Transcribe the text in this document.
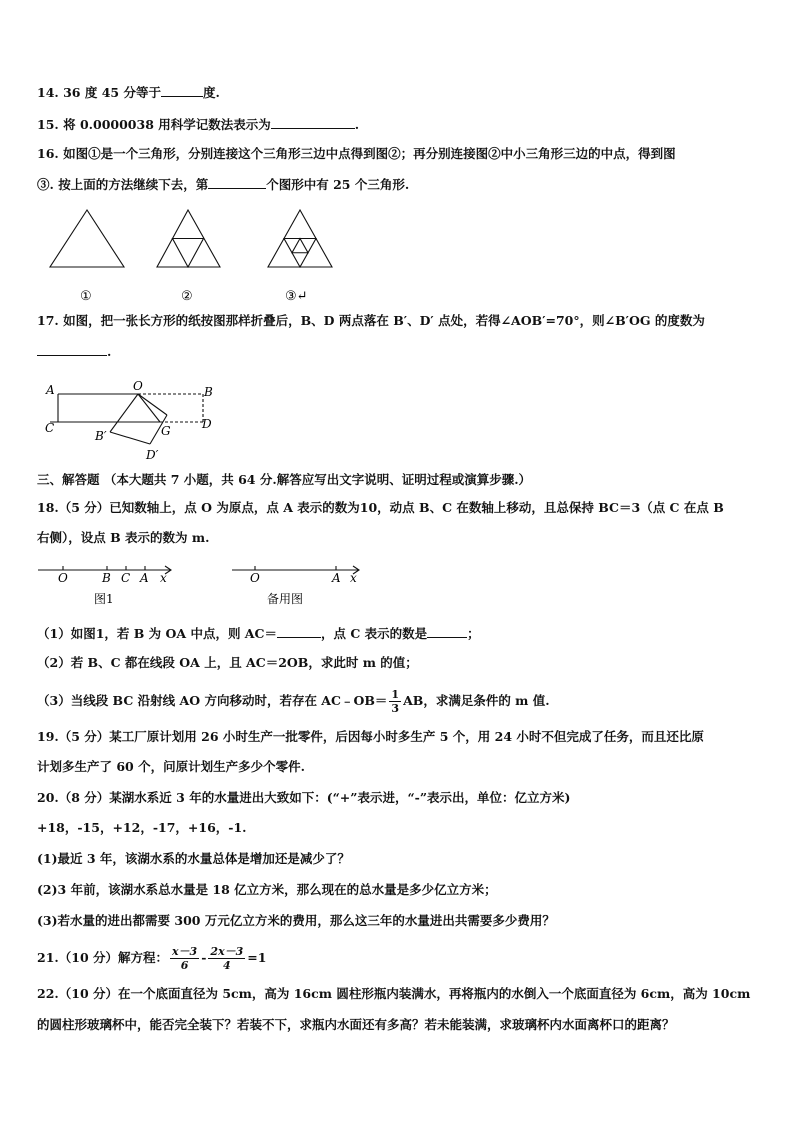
14. 36 度 45 分等于	度.
15. 将 0.0000038 用科学记数法表示为	.
16. 如图①是一个三角形，分别连接这个三角形三边中点得到图②；再分别连接图②中小三角形三边的中点，得到图
③. 按上面的方法继续下去，第	个图形中有 25 个三角形.
①	②	③↵
17. 如图，把一张长方形的纸按图那样折叠后，B、D 两点落在 B′、D′ 点处，若得∠AOB′=70°，则∠B′OG 的度数为
.
A	O	B
C	G	D
B′
D′
三、解答题 （本大题共 7 小题，共 64 分.解答应写出文字说明、证明过程或演算步骤.）
18.（5 分）已知数轴上，点 O 为原点，点 A 表示的数为10，动点 B、C 在数轴上移动，且总保持 BC＝3（点 C 在点 B
右侧），设点 B 表示的数为 m.
O	B C A x	O	A x
图1	备用图
（1）如图1，若 B 为 OA 中点，则 AC＝	，点 C 表示的数是	；
（2）若 B、C 都在线段 OA 上，且 AC＝2OB，求此时 m 的值；
（3）当线段 BC 沿射线 AO 方向移动时，若存在 AC﹣OB＝ $\frac{1}{3}$ AB，求满足条件的 m 值.
19.（5 分）某工厂原计划用 26 小时生产一批零件，后因每小时多生产 5 个，用 24 小时不但完成了任务，而且还比原
计划多生产了 60 个，问原计划生产多少个零件.
20.（8 分）某湖水系近 3 年的水量进出大致如下：(“+”表示进，“-”表示出，单位：亿立方米)
+18，-15，+12，-17，+16，-1.
(1)最近 3 年，该湖水系的水量总体是增加还是减少了？
(2)3 年前，该湖水系总水量是 18 亿立方米，那么现在的总水量是多少亿立方米；
(3)若水量的进出都需要 300 万元亿立方米的费用，那么这三年的水量进出共需要多少费用？
21.（10 分）解方程： $\frac{x-3}{6} - \frac{2x-3}{4} =1$
22.（10 分）在一个底面直径为 5cm，高为 16cm 圆柱形瓶内装满水，再将瓶内的水倒入一个底面直径为 6cm，高为 10cm
的圆柱形玻璃杯中，能否完全装下？若装不下，求瓶内水面还有多高？若未能装满，求玻璃杯内水面离杯口的距离？
